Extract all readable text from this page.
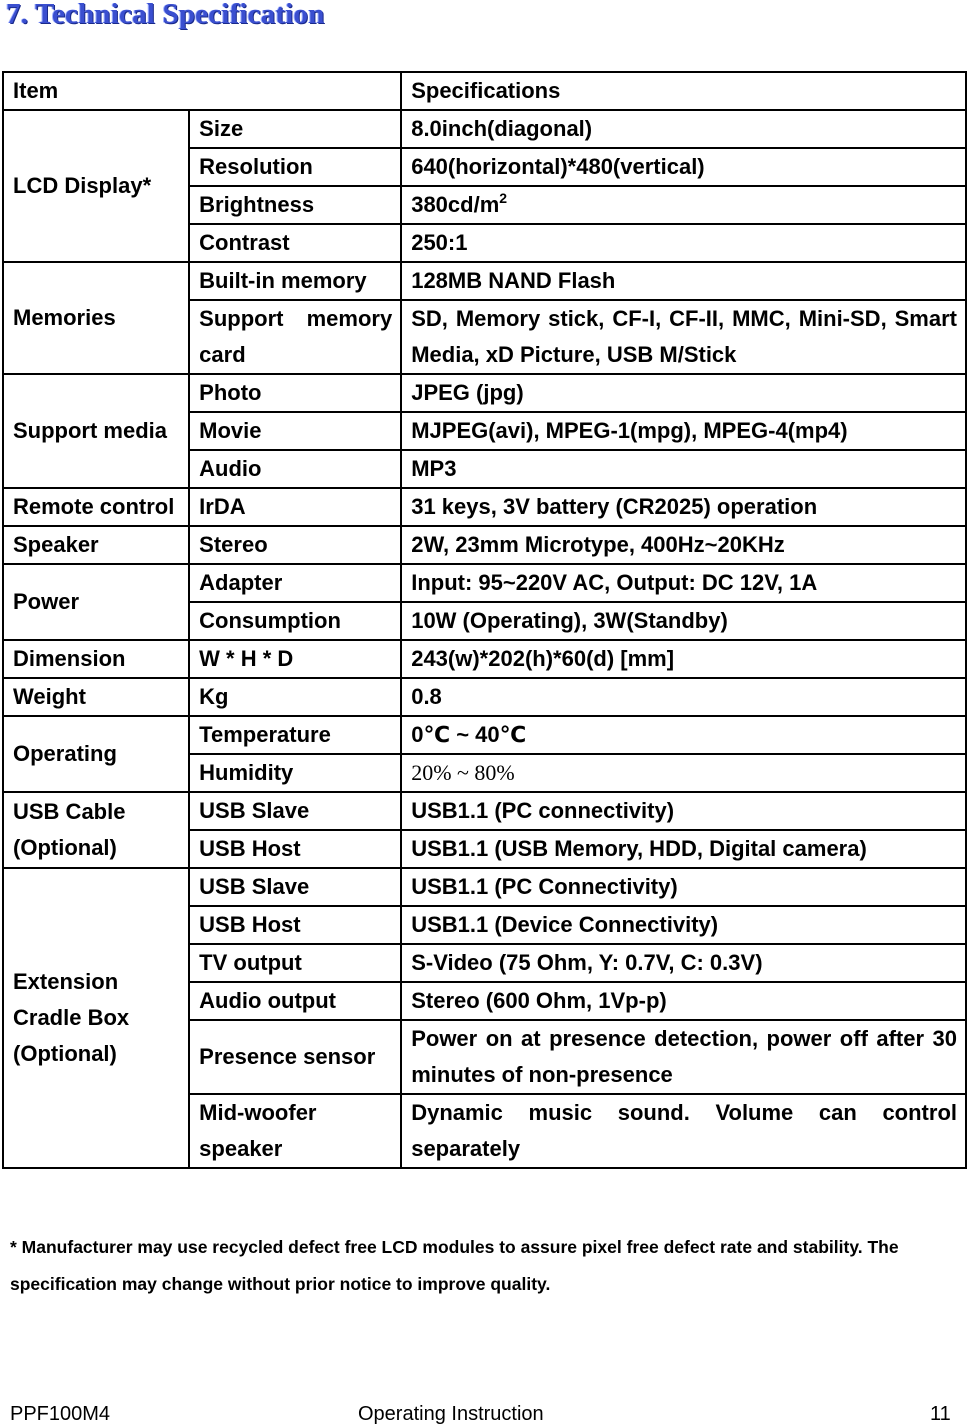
7. Technical Specification
Item		Specifications
LCD Display*	Size	8.0inch(diagonal)
	Resolution	640(horizontal)*480(vertical)
	Brightness	$380cd/m^2$
	Contrast	250:1
Memories	Built-in memory	128MB NAND Flash
	Support memory card	SD, Memory stick, CF-I, CF-II, MMC, Mini-SD, Smart Media, xD Picture, USB M/Stick
Support media	Photo	JPEG (jpg)
	Movie	MJPEG(avi), MPEG-1(mpg), MPEG-4(mp4)
	Audio	MP3
Remote control	IrDA	31 keys, 3V battery (CR2025) operation
Speaker	Stereo	2W, 23mm Microtype, 400Hz~20KHz
Power	Adapter	Input: 95~220V AC, Output: DC 12V, 1A
	Consumption	10W (Operating), 3W(Standby)
Dimension	W * H * D	243(w)*202(h)*60(d) [mm]
Weight	Kg	0.8
Operating	Temperature	0℃ ~ 40℃
	Humidity	20% ~ 80%
USB Cable (Optional)	USB Slave	USB1.1 (PC connectivity)
	USB Host	USB1.1 (USB Memory, HDD, Digital camera)
Extension Cradle Box (Optional)	USB Slave	USB1.1 (PC Connectivity)
	USB Host	USB1.1 (Device Connectivity)
	TV output	S-Video (75 Ohm, Y: 0.7V, C: 0.3V)
	Audio output	Stereo (600 Ohm, 1Vp-p)
	Presence sensor	Power on at presence detection, power off after 30 minutes of non-presence
	Mid-woofer speaker	Dynamic music sound. Volume can control separately

* Manufacturer may use recycled defect free LCD modules to assure pixel free defect rate and stability. The specification may change without prior notice to improve quality.

PPF100M4	Operating Instruction	11
